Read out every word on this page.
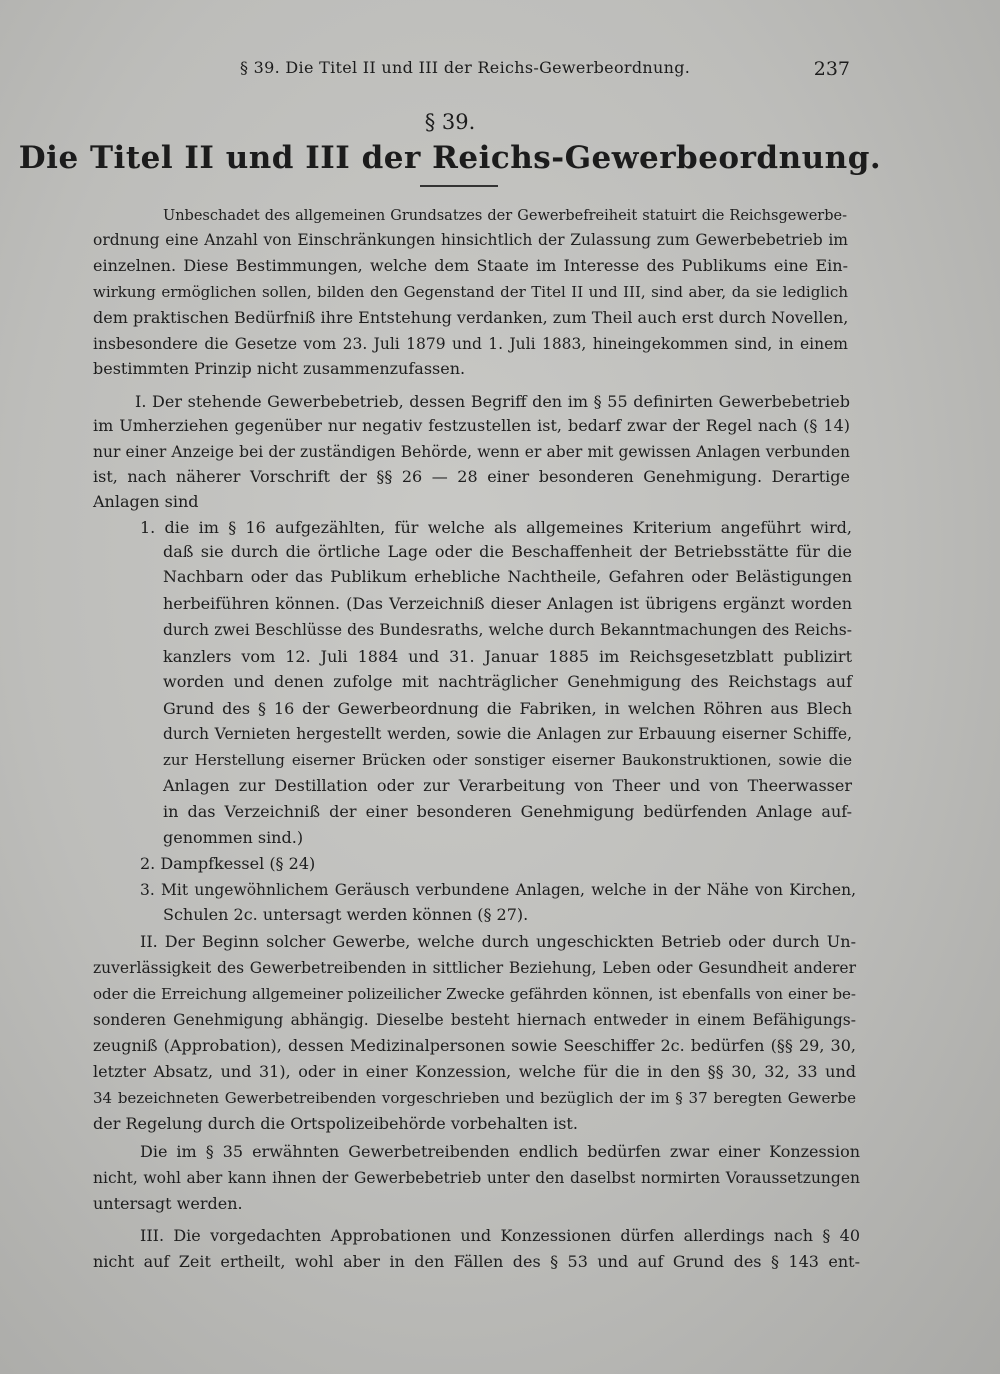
§ 39. Die Titel II und III der Reichs-Gewerbeordnung.	237
§ 39.
Die Titel II und III der Reichs-Gewerbeordnung.
Unbeschadet des allgemeinen Grundsatzes der Gewerbefreiheit statuirt die Reichsgewerbe-
ordnung eine Anzahl von Einschränkungen hinsichtlich der Zulassung zum Gewerbebetrieb im
einzelnen. Diese Bestimmungen, welche dem Staate im Interesse des Publikums eine Ein-
wirkung ermöglichen sollen, bilden den Gegenstand der Titel II und III, sind aber, da sie lediglich
dem praktischen Bedürfniß ihre Entstehung verdanken, zum Theil auch erst durch Novellen,
insbesondere die Gesetze vom 23. Juli 1879 und 1. Juli 1883, hineingekommen sind, in einem
bestimmten Prinzip nicht zusammenzufassen.
I. Der stehende Gewerbebetrieb, dessen Begriff den im § 55 definirten Gewerbebetrieb
im Umherziehen gegenüber nur negativ festzustellen ist, bedarf zwar der Regel nach (§ 14)
nur einer Anzeige bei der zuständigen Behörde, wenn er aber mit gewissen Anlagen verbunden
ist, nach näherer Vorschrift der §§ 26 — 28 einer besonderen Genehmigung. Derartige
Anlagen sind
1. die im § 16 aufgezählten, für welche als allgemeines Kriterium angeführt wird,
daß sie durch die örtliche Lage oder die Beschaffenheit der Betriebsstätte für die
Nachbarn oder das Publikum erhebliche Nachtheile, Gefahren oder Belästigungen
herbeiführen können. (Das Verzeichniß dieser Anlagen ist übrigens ergänzt worden
durch zwei Beschlüsse des Bundesraths, welche durch Bekanntmachungen des Reichs-
kanzlers vom 12. Juli 1884 und 31. Januar 1885 im Reichsgesetzblatt publizirt
worden und denen zufolge mit nachträglicher Genehmigung des Reichstags auf
Grund des § 16 der Gewerbeordnung die Fabriken, in welchen Röhren aus Blech
durch Vernieten hergestellt werden, sowie die Anlagen zur Erbauung eiserner Schiffe,
zur Herstellung eiserner Brücken oder sonstiger eiserner Baukonstruktionen, sowie die
Anlagen zur Destillation oder zur Verarbeitung von Theer und von Theerwasser
in das Verzeichniß der einer besonderen Genehmigung bedürfenden Anlage auf-
genommen sind.)
2. Dampfkessel (§ 24)
3. Mit ungewöhnlichem Geräusch verbundene Anlagen, welche in der Nähe von Kirchen,
Schulen 2c. untersagt werden können (§ 27).
II. Der Beginn solcher Gewerbe, welche durch ungeschickten Betrieb oder durch Un-
zuverlässigkeit des Gewerbetreibenden in sittlicher Beziehung, Leben oder Gesundheit anderer
oder die Erreichung allgemeiner polizeilicher Zwecke gefährden können, ist ebenfalls von einer be-
sonderen Genehmigung abhängig. Dieselbe besteht hiernach entweder in einem Befähigungs-
zeugniß (Approbation), dessen Medizinalpersonen sowie Seeschiffer 2c. bedürfen (§§ 29, 30,
letzter Absatz, und 31), oder in einer Konzession, welche für die in den §§ 30, 32, 33 und
34 bezeichneten Gewerbetreibenden vorgeschrieben und bezüglich der im § 37 beregten Gewerbe
der Regelung durch die Ortspolizeibehörde vorbehalten ist.
Die im § 35 erwähnten Gewerbetreibenden endlich bedürfen zwar einer Konzession
nicht, wohl aber kann ihnen der Gewerbebetrieb unter den daselbst normirten Voraussetzungen
untersagt werden.
III. Die vorgedachten Approbationen und Konzessionen dürfen allerdings nach § 40
nicht auf Zeit ertheilt, wohl aber in den Fällen des § 53 und auf Grund des § 143 ent-
